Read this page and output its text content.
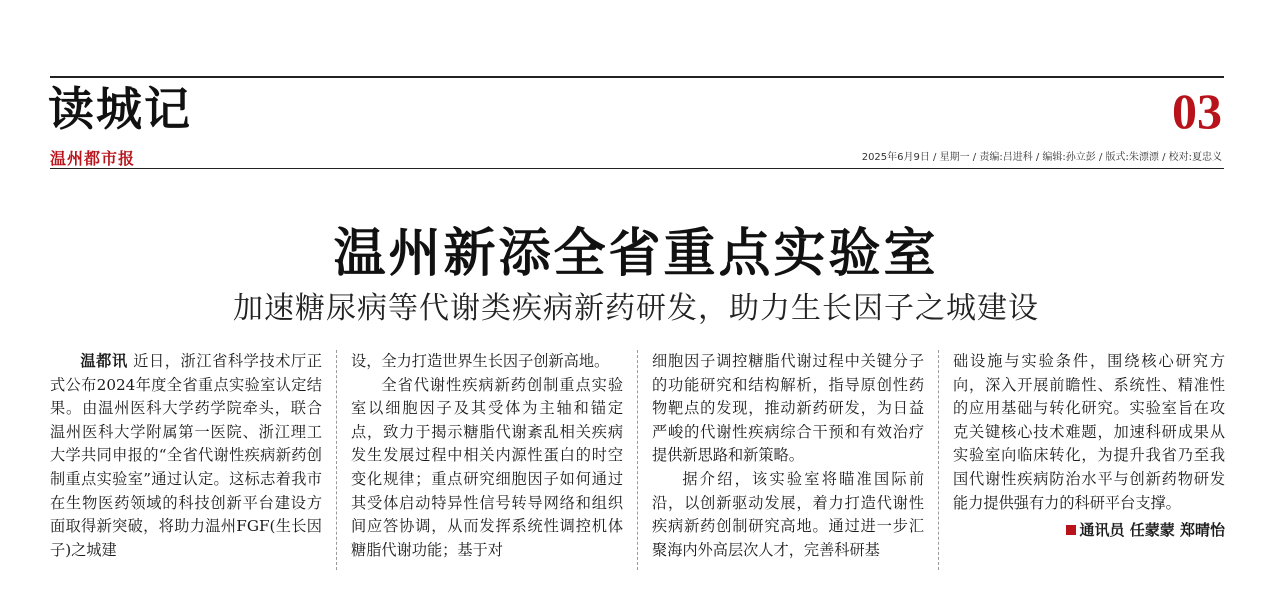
读城记
温州都市报
03
2025年6月9日 / 星期一 / 责编:吕进科 / 编辑:孙立彭 / 版式:朱漂漂 / 校对:夏忠义
温州新添全省重点实验室
加速糖尿病等代谢类疾病新药研发，助力生长因子之城建设

温都讯 近日，浙江省科学技术厅正式公布2024年度全省重点实验室认定结果。由温州医科大学药学院牵头，联合温州医科大学附属第一医院、浙江理工大学共同申报的“全省代谢性疾病新药创制重点实验室”通过认定。这标志着我市在生物医药领域的科技创新平台建设方面取得新突破，将助力温州FGF(生长因子)之城建

设，全力打造世界生长因子创新高地。

全省代谢性疾病新药创制重点实验室以细胞因子及其受体为主轴和锚定点，致力于揭示糖脂代谢紊乱相关疾病发生发展过程中相关内源性蛋白的时空变化规律；重点研究细胞因子如何通过其受体启动特异性信号转导网络和组织间应答协调，从而发挥系统性调控机体糖脂代谢功能；基于对

细胞因子调控糖脂代谢过程中关键分子的功能研究和结构解析，指导原创性药物靶点的发现，推动新药研发，为日益严峻的代谢性疾病综合干预和有效治疗提供新思路和新策略。

据介绍，该实验室将瞄准国际前沿，以创新驱动发展，着力打造代谢性疾病新药创制研究高地。通过进一步汇聚海内外高层次人才，完善科研基

础设施与实验条件，围绕核心研究方向，深入开展前瞻性、系统性、精准性的应用基础与转化研究。实验室旨在攻克关键核心技术难题，加速科研成果从实验室向临床转化，为提升我省乃至我国代谢性疾病防治水平与创新药物研发能力提供强有力的科研平台支撑。

通讯员 任蒙蒙 郑晴怡
